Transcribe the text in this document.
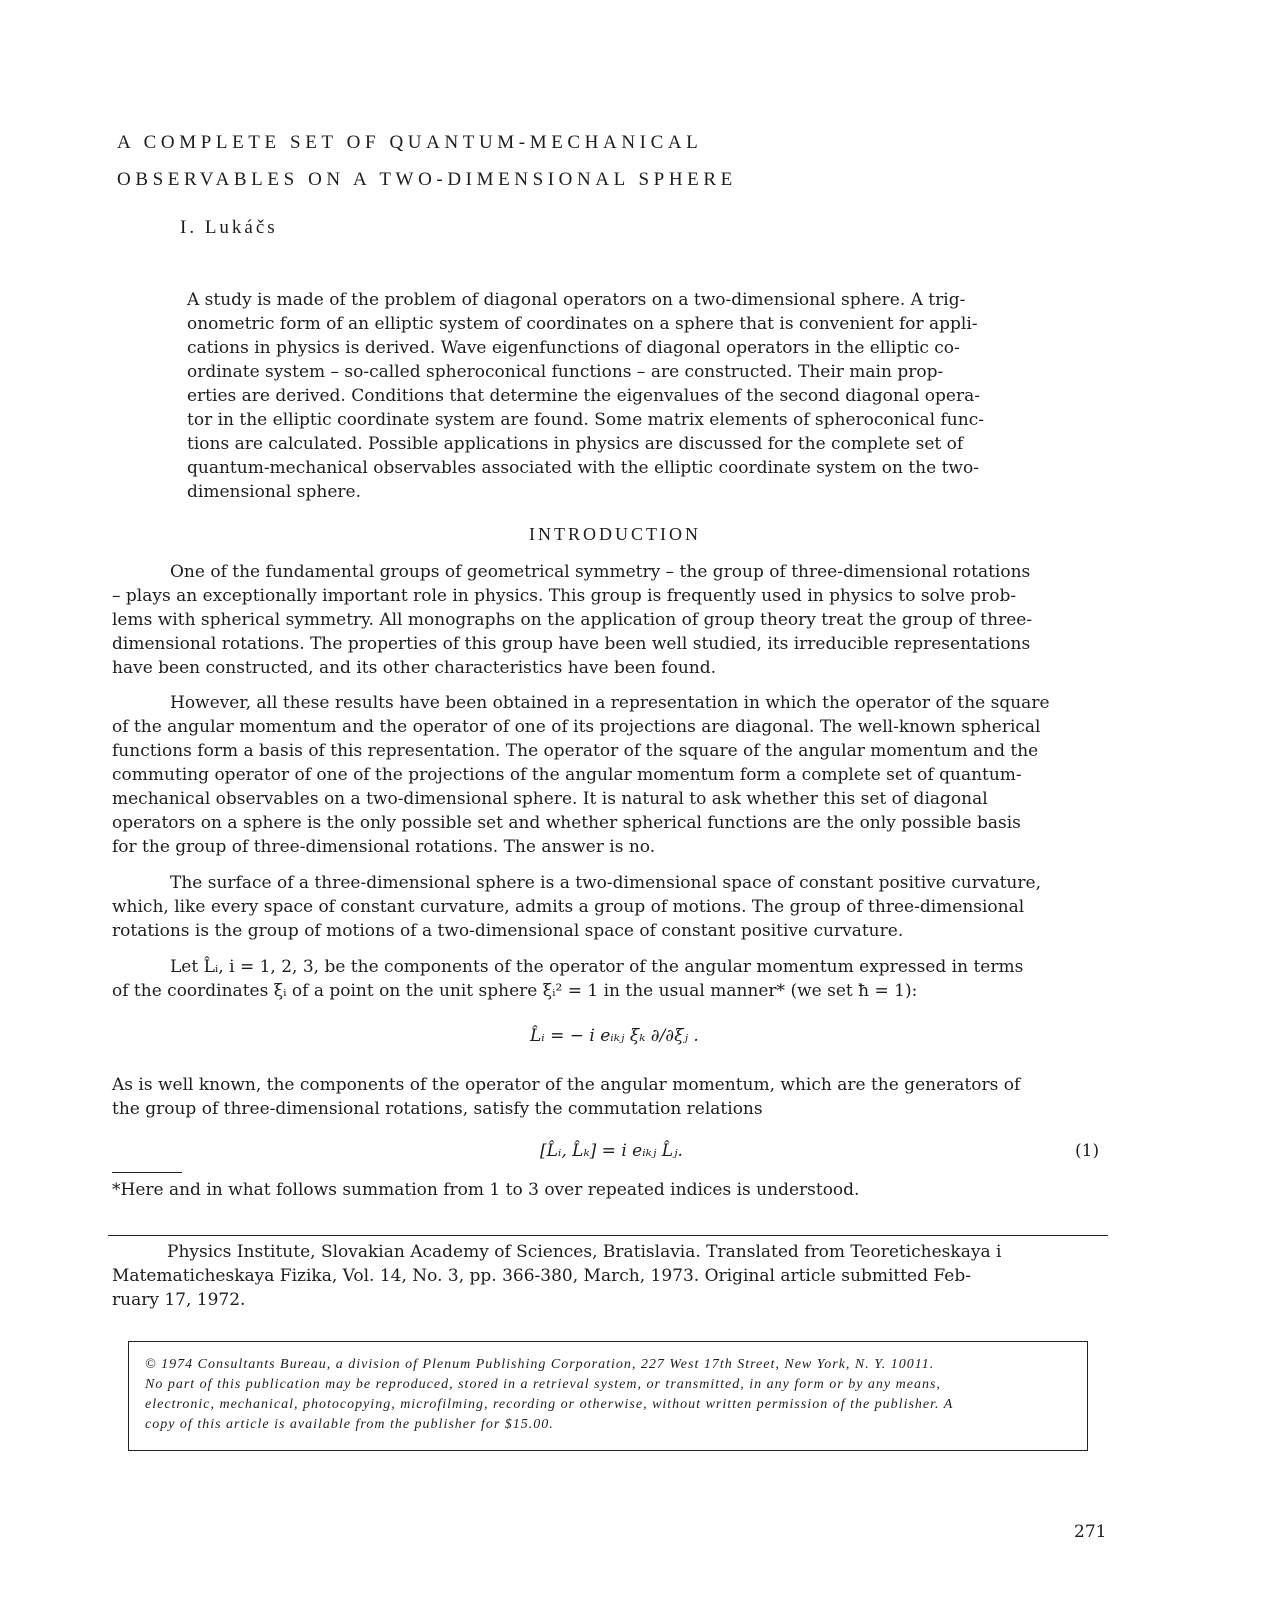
A COMPLETE SET OF QUANTUM-MECHANICAL
OBSERVABLES ON A TWO-DIMENSIONAL SPHERE
I. Lukáčs
A study is made of the problem of diagonal operators on a two-dimensional sphere. A trig-
onometric form of an elliptic system of coordinates on a sphere that is convenient for appli-
cations in physics is derived. Wave eigenfunctions of diagonal operators in the elliptic co-
ordinate system – so-called spheroconical functions – are constructed. Their main prop-
erties are derived. Conditions that determine the eigenvalues of the second diagonal opera-
tor in the elliptic coordinate system are found. Some matrix elements of spheroconical func-
tions are calculated. Possible applications in physics are discussed for the complete set of
quantum-mechanical observables associated with the elliptic coordinate system on the two-
dimensional sphere.
INTRODUCTION
One of the fundamental groups of geometrical symmetry – the group of three-dimensional rotations
– plays an exceptionally important role in physics. This group is frequently used in physics to solve prob-
lems with spherical symmetry. All monographs on the application of group theory treat the group of three-
dimensional rotations. The properties of this group have been well studied, its irreducible representations
have been constructed, and its other characteristics have been found.
However, all these results have been obtained in a representation in which the operator of the square
of the angular momentum and the operator of one of its projections are diagonal. The well-known spherical
functions form a basis of this representation. The operator of the square of the angular momentum and the
commuting operator of one of the projections of the angular momentum form a complete set of quantum-
mechanical observables on a two-dimensional sphere. It is natural to ask whether this set of diagonal
operators on a sphere is the only possible set and whether spherical functions are the only possible basis
for the group of three-dimensional rotations. The answer is no.
The surface of a three-dimensional sphere is a two-dimensional space of constant positive curvature,
which, like every space of constant curvature, admits a group of motions. The group of three-dimensional
rotations is the group of motions of a two-dimensional space of constant positive curvature.
Let L̂ᵢ, i = 1, 2, 3, be the components of the operator of the angular momentum expressed in terms
of the coordinates ξᵢ of a point on the unit sphere ξᵢ² = 1 in the usual manner* (we set ħ = 1):
L̂ᵢ = − i eᵢₖⱼ ξₖ ∂/∂ξⱼ .
As is well known, the components of the operator of the angular momentum, which are the generators of
the group of three-dimensional rotations, satisfy the commutation relations
[L̂ᵢ, L̂ₖ] = i eᵢₖⱼ L̂ⱼ.	(1)
*Here and in what follows summation from 1 to 3 over repeated indices is understood.
Physics Institute, Slovakian Academy of Sciences, Bratislavia. Translated from Teoreticheskaya i
Matematicheskaya Fizika, Vol. 14, No. 3, pp. 366-380, March, 1973. Original article submitted Feb-
ruary 17, 1972.
© 1974 Consultants Bureau, a division of Plenum Publishing Corporation, 227 West 17th Street, New York, N. Y. 10011.
No part of this publication may be reproduced, stored in a retrieval system, or transmitted, in any form or by any means,
electronic, mechanical, photocopying, microfilming, recording or otherwise, without written permission of the publisher. A
copy of this article is available from the publisher for $15.00.
271
